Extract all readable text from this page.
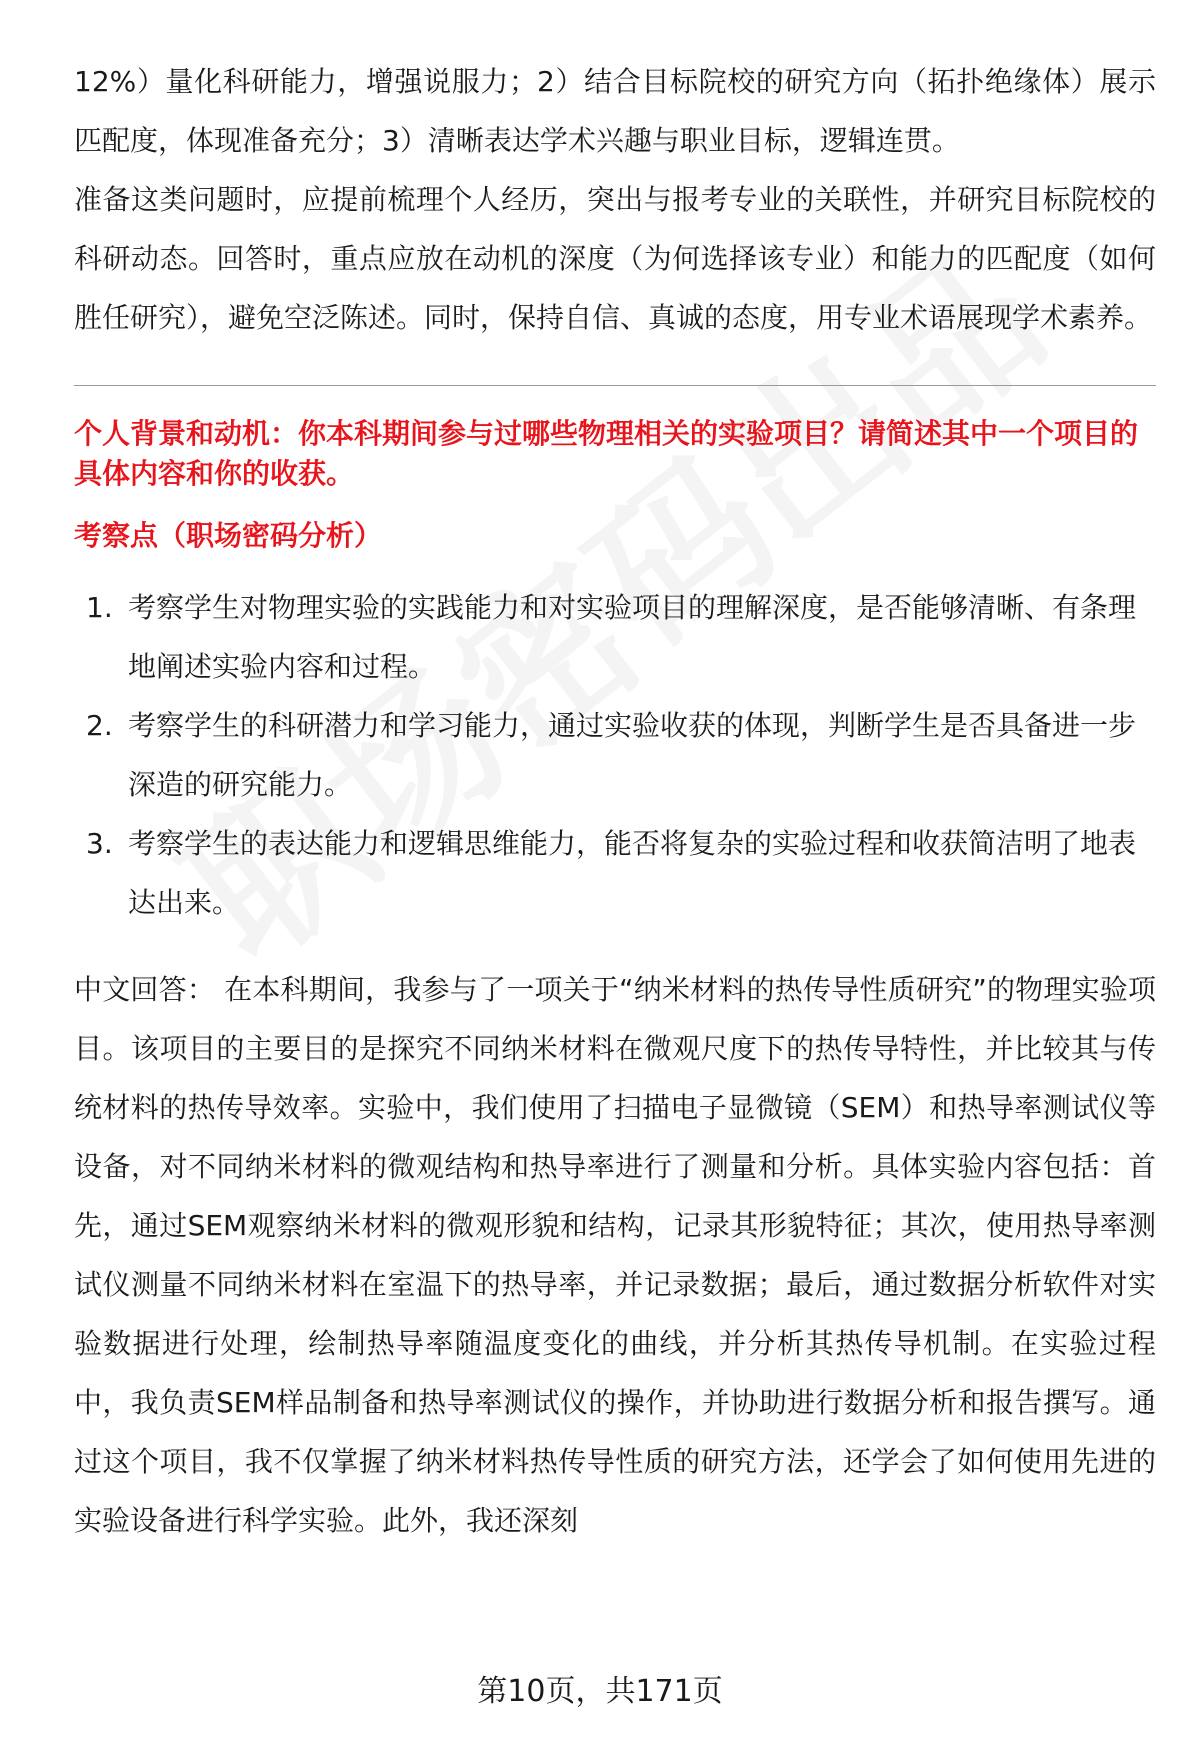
12%）量化科研能力，增强说服力；2）结合目标院校的研究方向（拓扑绝缘体）展示匹配度，体现准备充分；3）清晰表达学术兴趣与职业目标，逻辑连贯。

准备这类问题时，应提前梳理个人经历，突出与报考专业的关联性，并研究目标院校的科研动态。回答时，重点应放在动机的深度（为何选择该专业）和能力的匹配度（如何胜任研究），避免空泛陈述。同时，保持自信、真诚的态度，用专业术语展现学术素养。

个人背景和动机：你本科期间参与过哪些物理相关的实验项目？请简述其中一个项目的具体内容和你的收获。

考察点（职场密码分析）

1. 考察学生对物理实验的实践能力和对实验项目的理解深度，是否能够清晰、有条理地阐述实验内容和过程。
2. 考察学生的科研潜力和学习能力，通过实验收获的体现，判断学生是否具备进一步深造的研究能力。
3. 考察学生的表达能力和逻辑思维能力，能否将复杂的实验过程和收获简洁明了地表达出来。

中文回答： 在本科期间，我参与了一项关于“纳米材料的热传导性质研究”的物理实验项目。该项目的主要目的是探究不同纳米材料在微观尺度下的热传导特性，并比较其与传统材料的热传导效率。实验中，我们使用了扫描电子显微镜（SEM）和热导率测试仪等设备，对不同纳米材料的微观结构和热导率进行了测量和分析。具体实验内容包括：首先，通过SEM观察纳米材料的微观形貌和结构，记录其形貌特征；其次，使用热导率测试仪测量不同纳米材料在室温下的热导率，并记录数据；最后，通过数据分析软件对实验数据进行处理，绘制热导率随温度变化的曲线，并分析其热传导机制。在实验过程中，我负责SEM样品制备和热导率测试仪的操作，并协助进行数据分析和报告撰写。通过这个项目，我不仅掌握了纳米材料热传导性质的研究方法，还学会了如何使用先进的实验设备进行科学实验。此外，我还深刻

第10页，共171页
